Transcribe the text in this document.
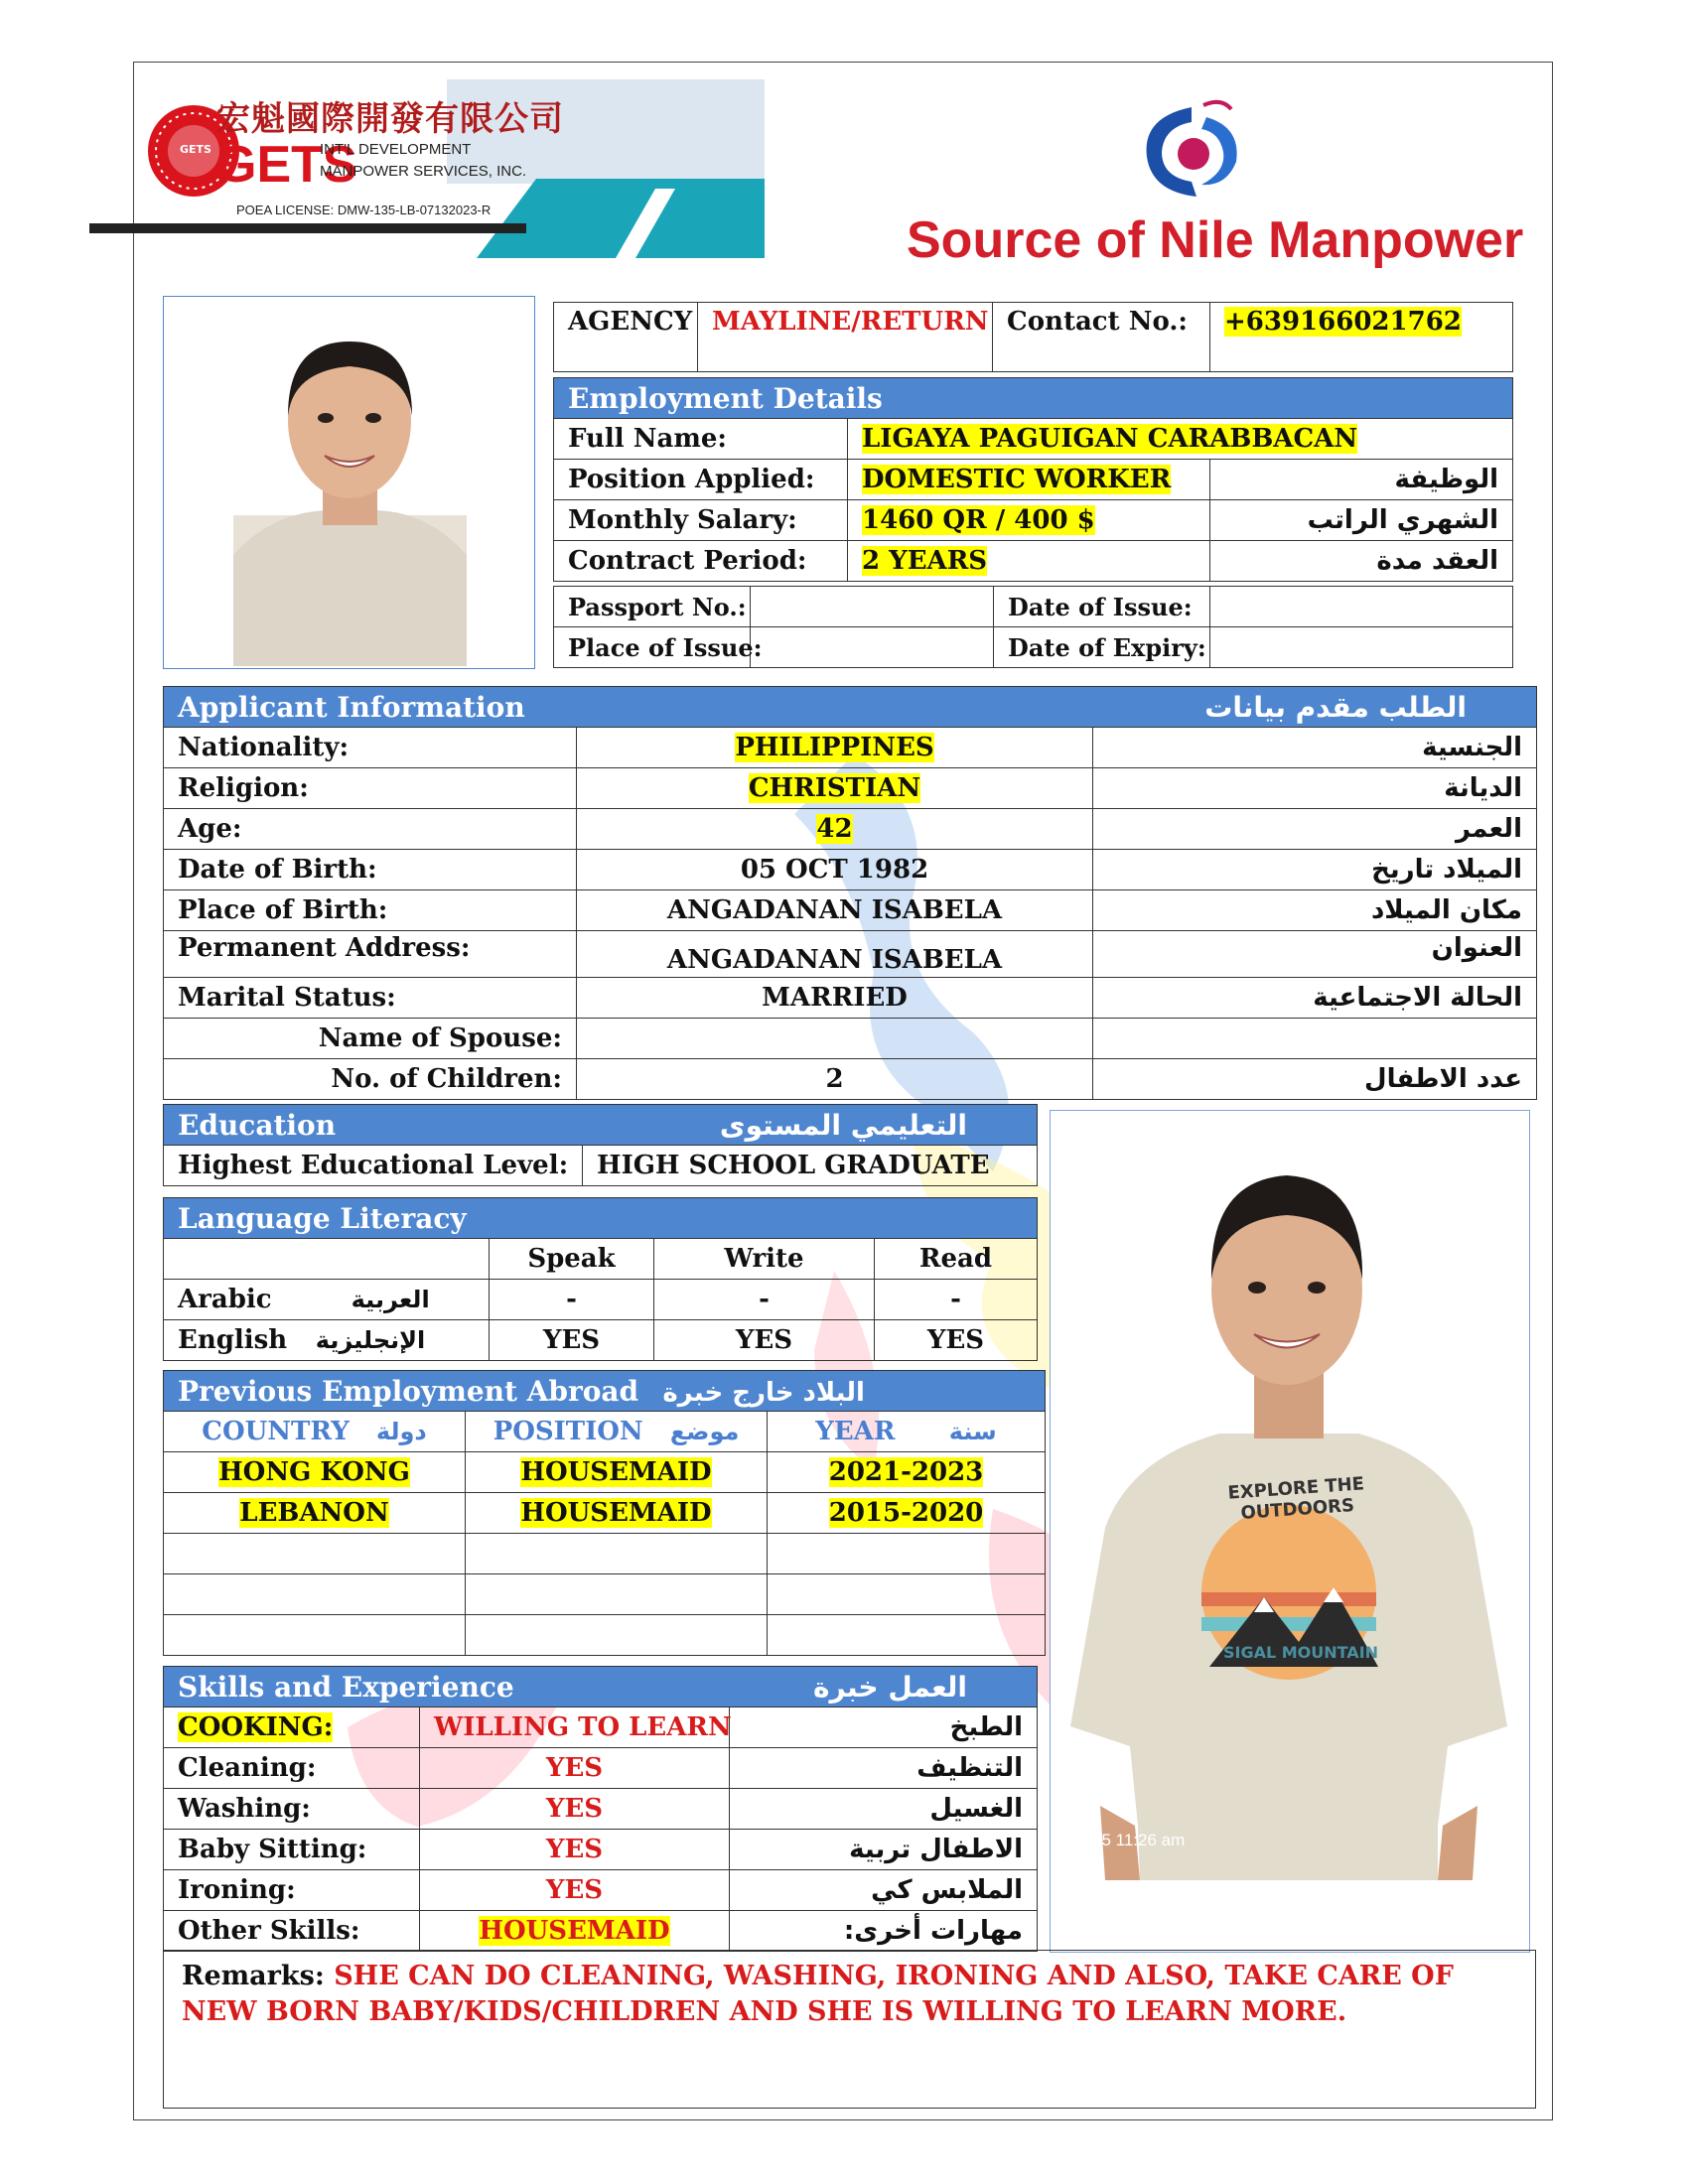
GETS
宏魁國際開發有限公司
GETS
INT'L DEVELOPMENT
MANPOWER SERVICES, INC.
POEA LICENSE: DMW-135-LB-07132023-R
Source of Nile Manpower
AGENCY	MAYLINE/RETURN	Contact No.:	+639166021762
Employment Details		
Full Name:	LIGAYA PAGUIGAN CARABBACAN	
Position Applied:	DOMESTIC WORKER	الوظيفة
Monthly Salary:	1460 QR / 400 $	الشهري الراتب
Contract Period:	2 YEARS	العقد مدة
Passport No.:		Date of Issue:	
Place of Issue:		Date of Expiry:	
Applicant Information		الطلب مقدم بيانات
Nationality:	PHILIPPINES	الجنسية
Religion:	CHRISTIAN	الديانة
Age:	42	العمر
Date of Birth:	05 OCT 1982	الميلاد تاريخ
Place of Birth:	ANGADANAN ISABELA	مكان الميلاد
Permanent Address:	ANGADANAN ISABELA	العنوان
Marital Status:	MARRIED	الحالة الاجتماعية
Name of Spouse:		
No. of Children:	2	عدد الاطفال
Education	التعليمي المستوى
Highest Educational Level:	HIGH SCHOOL GRADUATE
Language Literacy			
	Speak	Write	Read
Arabic العربية	-	-	-
English الإنجليزية	YES	YES	YES
Previous Employment Abroad البلاد خارج خبرة		
COUNTRY دولة	POSITION موضع	YEAR سنة
HONG KONG	HOUSEMAID	2021-2023
LEBANON	HOUSEMAID	2015-2020

Skills and Experience		العمل خبرة
COOKING:	WILLING TO LEARN	الطبخ
Cleaning:	YES	التنظيف
Washing:	YES	الغسيل
Baby Sitting:	YES	الاطفال تربية
Ironing:	YES	الملابس كي
Other Skills:	HOUSEMAID	مهارات أخرى:
EXPLORE THE OUTDOORS
SIGAL MOUNTAIN
25 11:26 am
Remarks: SHE CAN DO CLEANING, WASHING, IRONING AND ALSO, TAKE CARE OF NEW BORN BABY/KIDS/CHILDREN AND SHE IS WILLING TO LEARN MORE.
